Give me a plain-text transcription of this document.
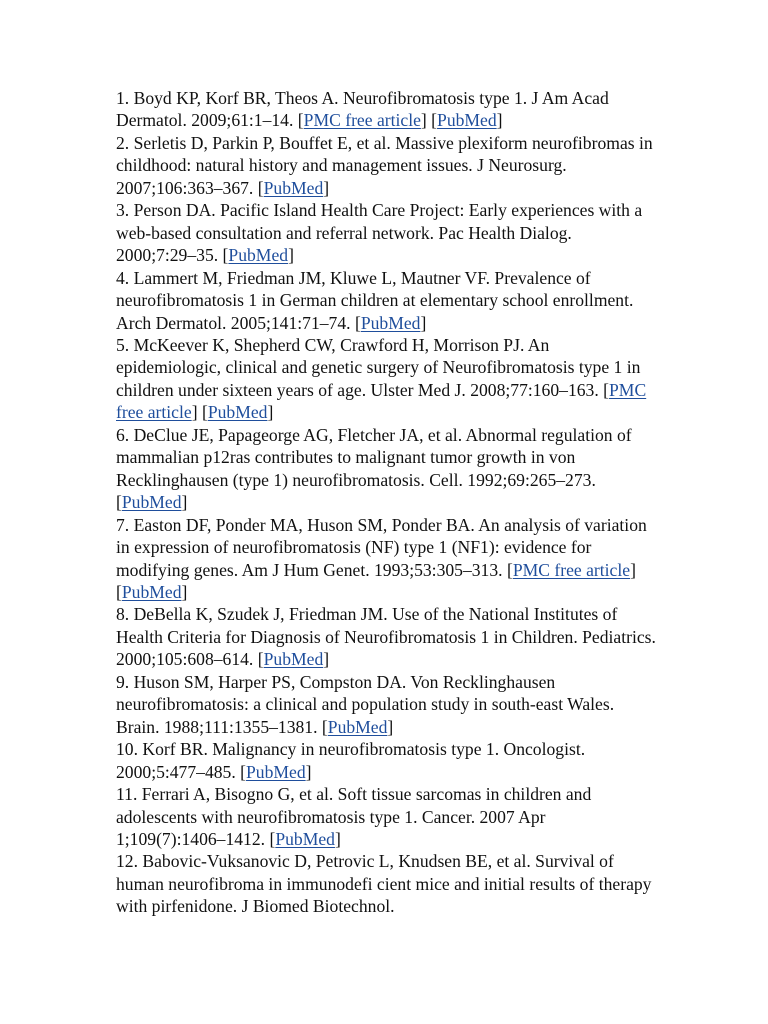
1. Boyd KP, Korf BR, Theos A. Neurofibromatosis type 1. J Am Acad Dermatol. 2009;61:1–14. [PMC free article] [PubMed]

2. Serletis D, Parkin P, Bouffet E, et al. Massive plexiform neurofibromas in childhood: natural history and management issues. J Neurosurg. 2007;106:363–367. [PubMed]

3. Person DA. Pacific Island Health Care Project: Early experiences with a web-based consultation and referral network. Pac Health Dialog. 2000;7:29–35. [PubMed]

4. Lammert M, Friedman JM, Kluwe L, Mautner VF. Prevalence of neurofibromatosis 1 in German children at elementary school enrollment. Arch Dermatol. 2005;141:71–74. [PubMed]

5. McKeever K, Shepherd CW, Crawford H, Morrison PJ. An epidemiologic, clinical and genetic surgery of Neurofibromatosis type 1 in children under sixteen years of age. Ulster Med J. 2008;77:160–163. [PMC free article] [PubMed]

6. DeClue JE, Papageorge AG, Fletcher JA, et al. Abnormal regulation of mammalian p12ras contributes to malignant tumor growth in von Recklinghausen (type 1) neurofibromatosis. Cell. 1992;69:265–273. [PubMed]

7. Easton DF, Ponder MA, Huson SM, Ponder BA. An analysis of variation in expression of neurofibromatosis (NF) type 1 (NF1): evidence for modifying genes. Am J Hum Genet. 1993;53:305–313. [PMC free article] [PubMed]

8. DeBella K, Szudek J, Friedman JM. Use of the National Institutes of Health Criteria for Diagnosis of Neurofibromatosis 1 in Children. Pediatrics. 2000;105:608–614. [PubMed]

9. Huson SM, Harper PS, Compston DA. Von Recklinghausen neurofibromatosis: a clinical and population study in south-east Wales. Brain. 1988;111:1355–1381. [PubMed]

10. Korf BR. Malignancy in neurofibromatosis type 1. Oncologist. 2000;5:477–485. [PubMed]

11. Ferrari A, Bisogno G, et al. Soft tissue sarcomas in children and adolescents with neurofibromatosis type 1. Cancer. 2007 Apr 1;109(7):1406–1412. [PubMed]

12. Babovic-Vuksanovic D, Petrovic L, Knudsen BE, et al. Survival of human neurofibroma in immunodefi cient mice and initial results of therapy with pirfenidone. J Biomed Biotechnol.
